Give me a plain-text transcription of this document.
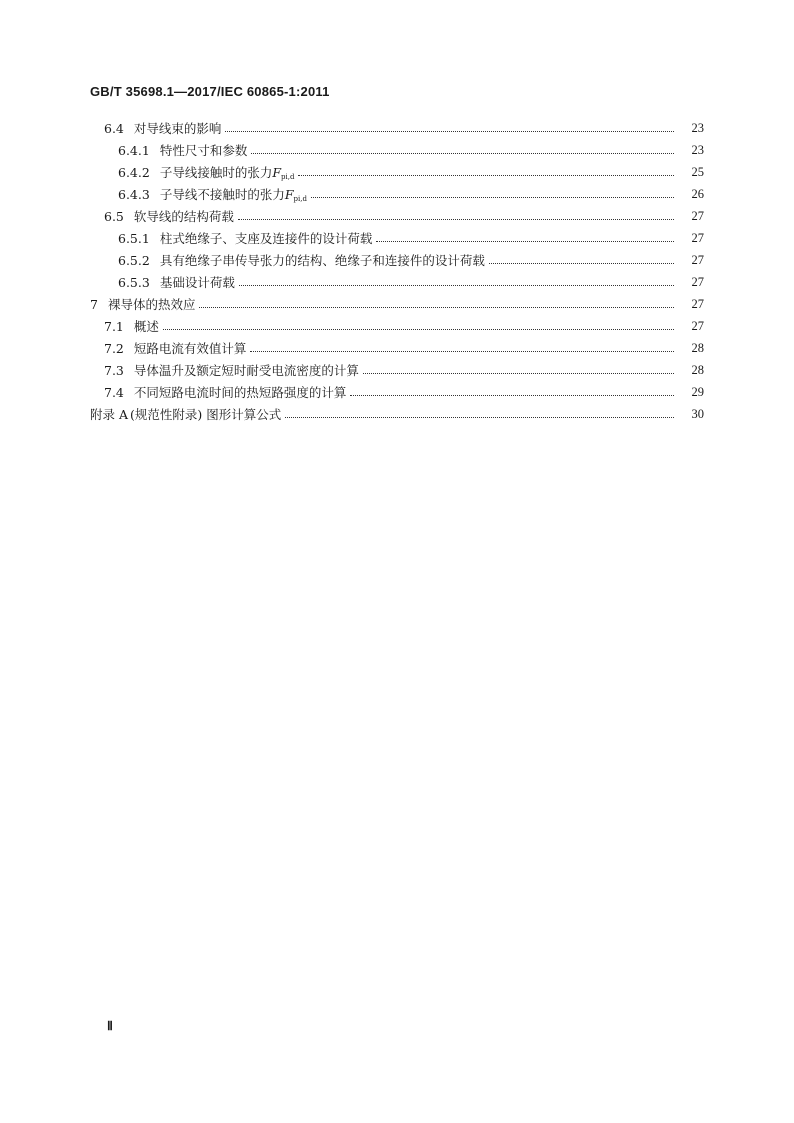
GB/T 35698.1—2017/IEC 60865-1:2011
6.4 对导线束的影响	23
6.4.1 特性尺寸和参数	23
6.4.2 子导线接触时的张力$F_{pi,d}$	25
6.4.3 子导线不接触时的张力$F_{pi,d}$	26
6.5 软导线的结构荷载	27
6.5.1 柱式绝缘子、支座及连接件的设计荷载	27
6.5.2 具有绝缘子串传导张力的结构、绝缘子和连接件的设计荷载	27
6.5.3 基础设计荷载	27
7 裸导体的热效应	27
7.1 概述	27
7.2 短路电流有效值计算	28
7.3 导体温升及额定短时耐受电流密度的计算	28
7.4 不同短路电流时间的热短路强度的计算	29
附录 A (规范性附录) 图形计算公式	30
Ⅱ
